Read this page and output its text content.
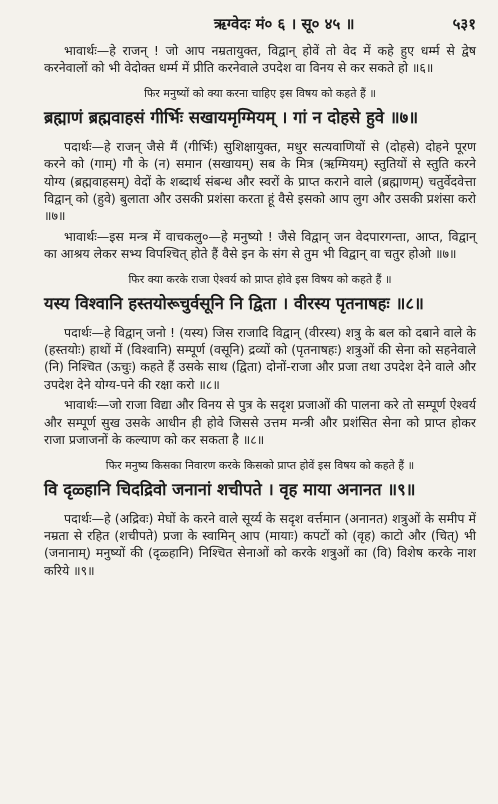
ऋग्वेदः मं० ६ । सू० ४५ ॥	५३१

भावार्थः—हे राजन् ! जो आप नम्रतायुक्त, विद्वान् होवें तो वेद में कहे हुए धर्म्म से द्वेष करनेवालों को भी वेदोक्त धर्म्म में प्रीति करनेवाले उपदेश वा विनय से कर सकते हो ॥६॥

फिर मनुष्यों को क्या करना चाहिए इस विषय को कहते हैं ॥

ब्रह्माणं ब्रह्मवाहसं गीर्भिः सखायमृग्मियम् । गां न दोहसे हुवे ॥७॥

पदार्थः—हे राजन् जैसे मैं (गीर्भिः) सुशिक्षायुक्त, मधुर सत्यवाणियों से (दोहसे) दोहने पूरण करने को (गाम्) गौ के (न) समान (सखायम्) सब के मित्र (ऋग्मियम्) स्तुतियों से स्तुति करने योग्य (ब्रह्मवाहसम्) वेदों के शब्दार्थ संबन्ध और स्वरों के प्राप्त कराने वाले (ब्रह्माणम्) चतुर्वेदवेत्ता विद्वान् को (हुवे) बुलाता और उसकी प्रशंसा करता हूं वैसे इसको आप लुग और उसकी प्रशंसा करो ॥७॥

भावार्थः—इस मन्त्र में वाचकलु०—हे मनुष्यो ! जैसे विद्वान् जन वेदपारगन्ता, आप्त, विद्वान् का आश्रय लेकर सभ्य विपश्चित् होते हैं वैसे इन के संग से तुम भी विद्वान् वा चतुर होओ ॥७॥

फिर क्या करके राजा ऐश्वर्य को प्राप्त होवे इस विषय को कहते हैं ॥

यस्य विश्वानि हस्तयोरूचुर्वसूनि नि द्विता । वीरस्य पृतनाषहः ॥८॥

पदार्थः—हे विद्वान् जनो ! (यस्य) जिस राजादि विद्वान् (वीरस्य) शत्रु के बल को दबाने वाले के (हस्तयोः) हाथों में (विश्वानि) सम्पूर्ण (वसूनि) द्रव्यों को (पृतनाषहः) शत्रुओं की सेना को सहनेवाले (नि) निश्चित (ऊचुः) कहते हैं उसके साथ (द्विता) दोनों-राजा और प्रजा तथा उपदेश देने वाले और उपदेश देने योग्य-पने की रक्षा करो ॥८॥

भावार्थः—जो राजा विद्या और विनय से पुत्र के सदृश प्रजाओं की पालना करे तो सम्पूर्ण ऐश्वर्य और सम्पूर्ण सुख उसके आधीन ही होवे जिससे उत्तम मन्त्री और प्रशंसित सेना को प्राप्त होकर राजा प्रजाजनों के कल्याण को कर सकता है ॥८॥

फिर मनुष्य किसका निवारण करके किसको प्राप्त होवें इस विषय को कहते हैं ॥

वि दृळ्हानि चिदद्रिवो जनानां शचीपते । वृह माया अनानत ॥९॥

पदार्थः—हे (अद्रिवः) मेघों के करने वाले सूर्य्य के सदृश वर्त्तमान (अनानत) शत्रुओं के समीप में नम्रता से रहित (शचीपते) प्रजा के स्वामिन् आप (मायाः) कपटों को (वृह) काटो और (चित्) भी (जनानाम्) मनुष्यों की (दृळ्हानि) निश्चित सेनाओं को करके शत्रुओं का (वि) विशेष करके नाश करिये ॥९॥
